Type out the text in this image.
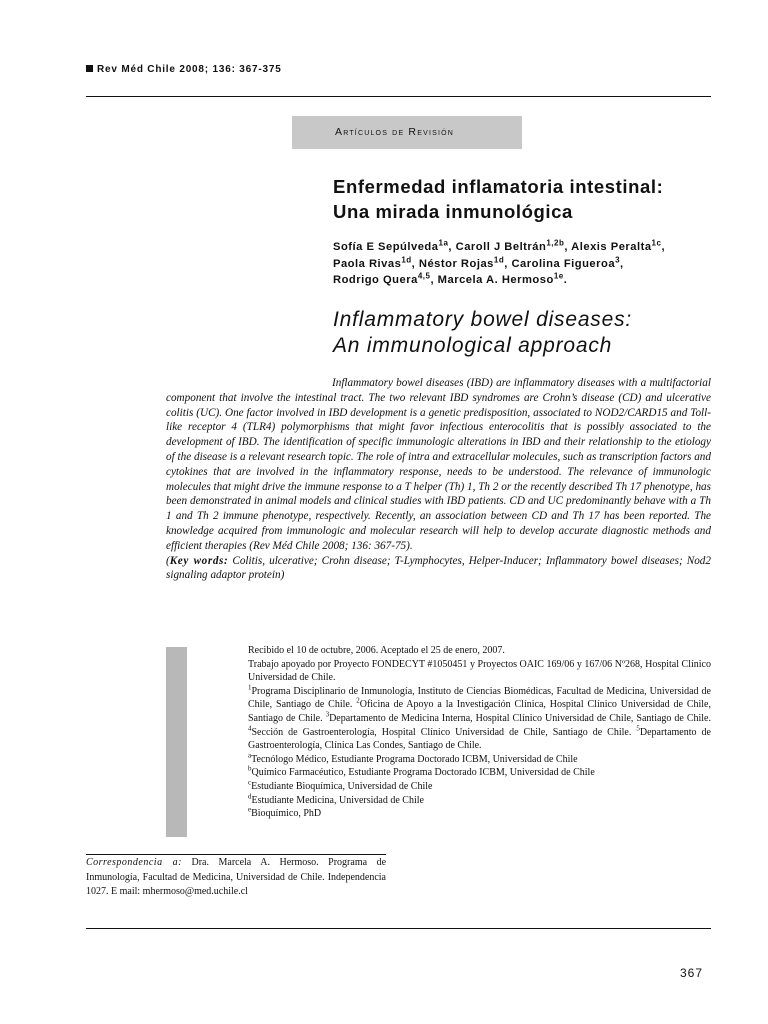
Rev Méd Chile 2008; 136: 367-375
Artículos de Revisión
Enfermedad inflamatoria intestinal:
Una mirada inmunológica
Sofía E Sepúlveda$^{1a}$, Caroll J Beltrán$^{1,2b}$, Alexis Peralta$^{1c}$,
Paola Rivas$^{1d}$, Néstor Rojas$^{1d}$, Carolina Figueroa$^3$,
Rodrigo Quera$^{4,5}$, Marcela A. Hermoso$^{1e}$.
Inflammatory bowel diseases:
An immunological approach

Inflammatory bowel diseases (IBD) are inflammatory diseases with a multifactorial component that involve the intestinal tract. The two relevant IBD syndromes are Crohn’s disease (CD) and ulcerative colitis (UC). One factor involved in IBD development is a genetic predisposition, associated to NOD2/CARD15 and Toll-like receptor 4 (TLR4) polymorphisms that might favor infectious enterocolitis that is possibly associated to the development of IBD. The identification of specific immunologic alterations in IBD and their relationship to the etiology of the disease is a relevant research topic. The role of intra and extracellular molecules, such as transcription factors and cytokines that are involved in the inflammatory response, needs to be understood. The relevance of immunologic molecules that might drive the immune response to a T helper (Th) 1, Th 2 or the recently described Th 17 phenotype, has been demonstrated in animal models and clinical studies with IBD patients. CD and UC predominantly behave with a Th 1 and Th 2 immune phenotype, respectively. Recently, an association between CD and Th 17 has been reported. The knowledge acquired from immunologic and molecular research will help to develop accurate diagnostic methods and efficient therapies (Rev Méd Chile 2008; 136: 367-75).

(Key words: Colitis, ulcerative; Crohn disease; T-Lymphocytes, Helper-Inducer; Inflammatory bowel diseases; Nod2 signaling adaptor protein)

Recibido el 10 de octubre, 2006. Aceptado el 25 de enero, 2007.
Trabajo apoyado por Proyecto FONDECYT #1050451 y Proyectos OAIC 169/06 y 167/06 Nº268, Hospital Clínico Universidad de Chile.
$^1$Programa Disciplinario de Inmunología, Instituto de Ciencias Biomédicas, Facultad de Medicina, Universidad de Chile, Santiago de Chile. $^2$Oficina de Apoyo a la Investigación Clínica, Hospital Clínico Universidad de Chile, Santiago de Chile. $^3$Departamento de Medicina Interna, Hospital Clínico Universidad de Chile, Santiago de Chile. $^4$Sección de Gastroenterología, Hospital Clínico Universidad de Chile, Santiago de Chile. $^5$Departamento de Gastroenterología, Clínica Las Condes, Santiago de Chile.
$^a$Tecnólogo Médico, Estudiante Programa Doctorado ICBM, Universidad de Chile
$^b$Químico Farmacéutico, Estudiante Programa Doctorado ICBM, Universidad de Chile
$^c$Estudiante Bioquímica, Universidad de Chile
$^d$Estudiante Medicina, Universidad de Chile
$^e$Bioquímico, PhD
Correspondencia a: Dra. Marcela A. Hermoso. Programa de Inmunología, Facultad de Medicina, Universidad de Chile. Independencia 1027. E mail: mhermoso@med.uchile.cl
367
